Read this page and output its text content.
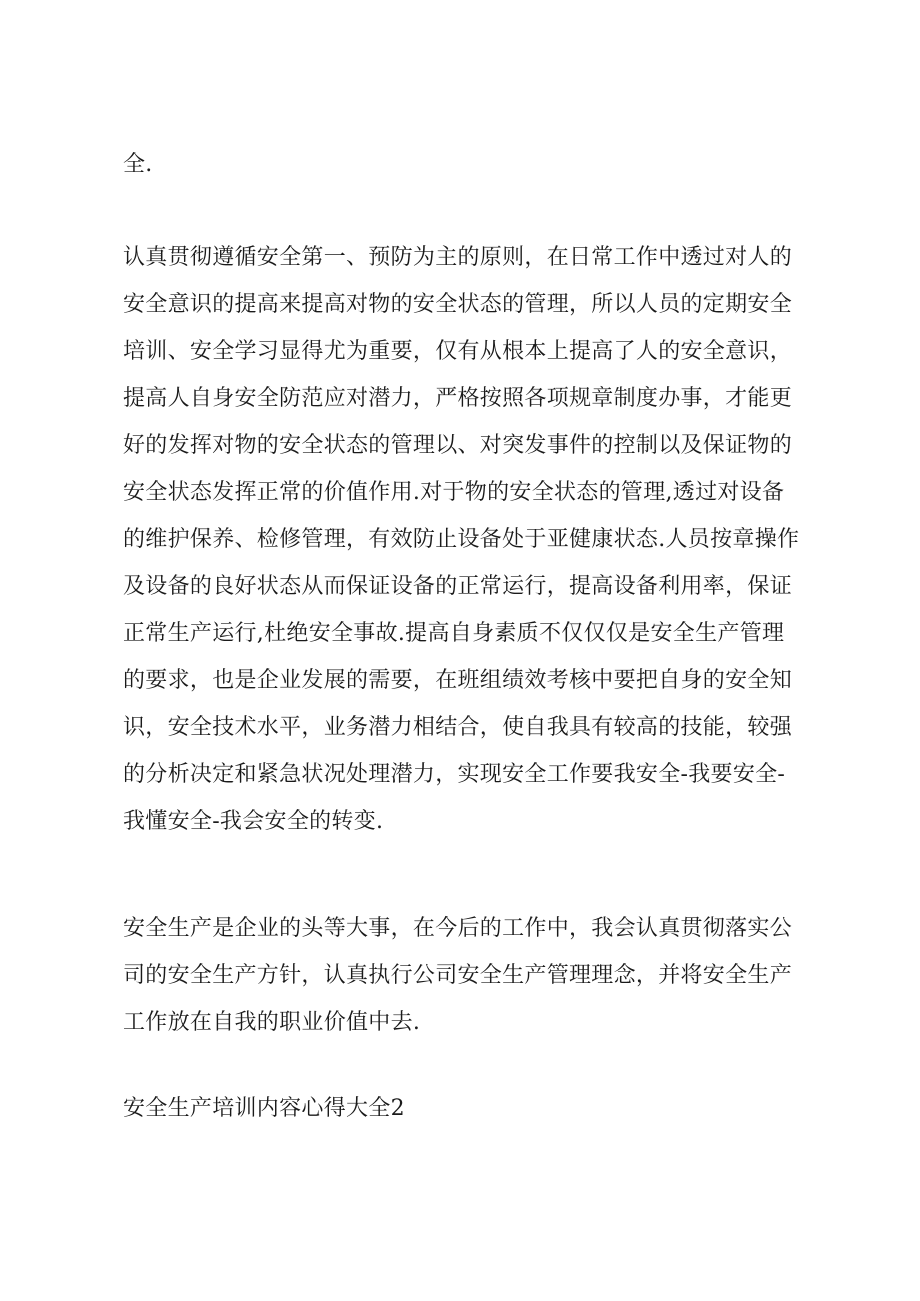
全.
认真贯彻遵循安全第一、预防为主的原则，在日常工作中透过对人的
安全意识的提高来提高对物的安全状态的管理，所以人员的定期安全
培训、安全学习显得尤为重要，仅有从根本上提高了人的安全意识，
提高人自身安全防范应对潜力，严格按照各项规章制度办事，才能更
好的发挥对物的安全状态的管理以、对突发事件的控制以及保证物的
安全状态发挥正常的价值作用.对于物的安全状态的管理,透过对设备
的维护保养、检修管理，有效防止设备处于亚健康状态.人员按章操作
及设备的良好状态从而保证设备的正常运行，提高设备利用率，保证
正常生产运行,杜绝安全事故.提高自身素质不仅仅仅是安全生产管理
的要求，也是企业发展的需要，在班组绩效考核中要把自身的安全知
识，安全技术水平，业务潜力相结合，使自我具有较高的技能，较强
的分析决定和紧急状况处理潜力，实现安全工作要我安全-我要安全-
我懂安全-我会安全的转变.
安全生产是企业的头等大事，在今后的工作中，我会认真贯彻落实公
司的安全生产方针，认真执行公司安全生产管理理念，并将安全生产
工作放在自我的职业价值中去.
安全生产培训内容心得大全2
